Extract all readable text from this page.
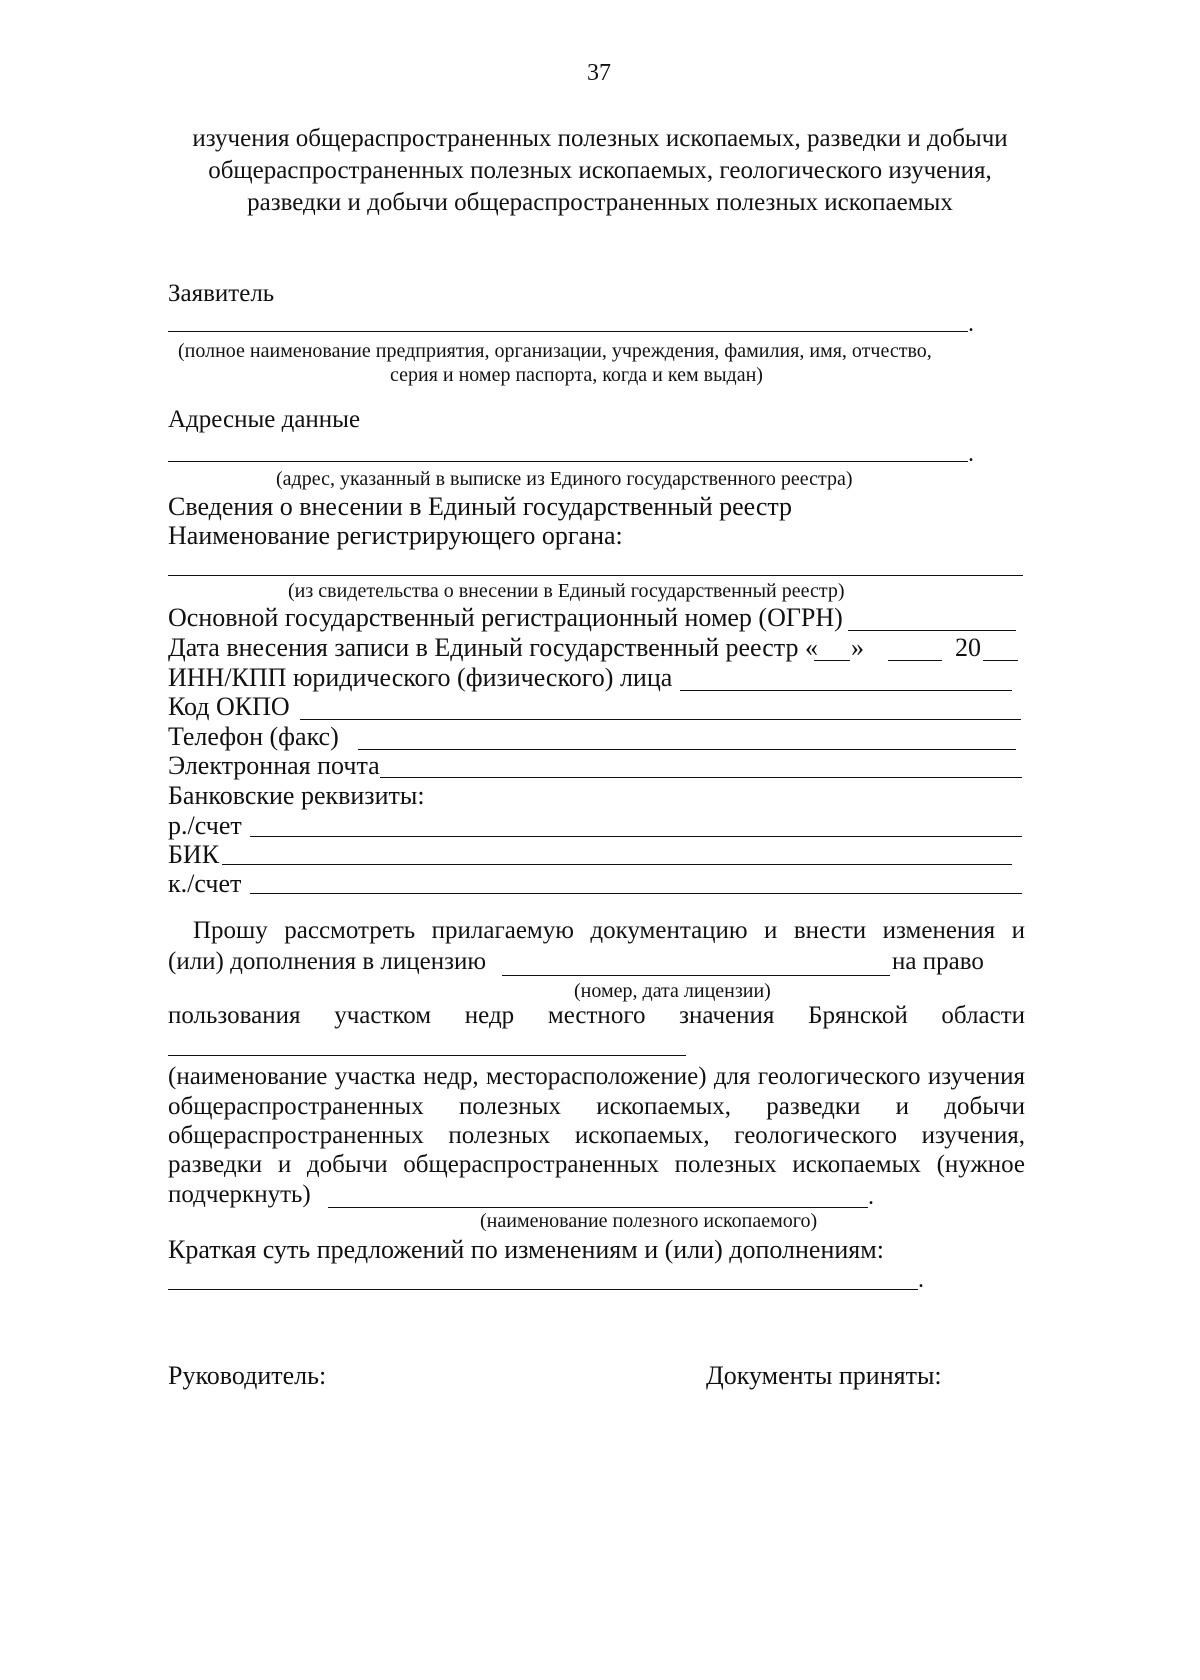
37
изучения общераспространенных полезных ископаемых, разведки и добычи
общераспространенных полезных ископаемых, геологического изучения,
разведки и добычи общераспространенных полезных ископаемых
Заявитель
.
(полное наименование предприятия, организации, учреждения, фамилия, имя, отчество,
серия и номер паспорта, когда и кем выдан)
Адресные данные
.
(адрес, указанный в выписке из Единого государственного реестра)
Сведения о внесении в Единый государственный реестр
Наименование регистрирующего органа:
(из свидетельства о внесении в Единый государственный реестр)
Основной государственный регистрационный номер (ОГРН)
Дата внесения записи в Единый государственный реестр « »	20
ИНН/КПП юридического (физического) лица
Код ОКПО
Телефон (факс)
Электронная почта
Банковские реквизиты:
р./счет
БИК
к./счет
Прошу рассмотреть прилагаемую документацию и внести изменения и
(или) дополнения в лицензию	на право
(номер, дата лицензии)
пользования участком недр местного значения Брянской области
(наименование участка недр, месторасположение) для геологического изучения
общераспространенных полезных ископаемых, разведки и добычи
общераспространенных полезных ископаемых, геологического изучения,
разведки и добычи общераспространенных полезных ископаемых (нужное
подчеркнуть)	.
(наименование полезного ископаемого)
Краткая суть предложений по изменениям и (или) дополнениям:
.
Руководитель:	Документы приняты:
